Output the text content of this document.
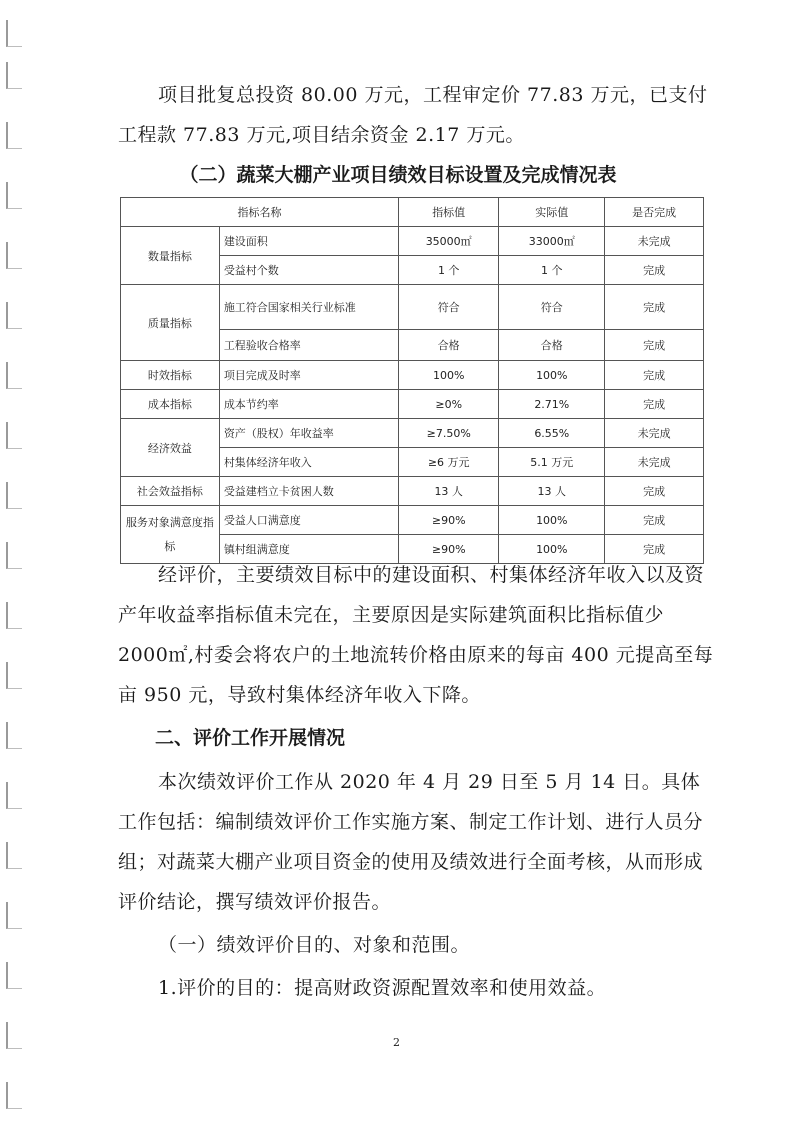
项目批复总投资 80.00 万元，工程审定价 77.83 万元，已支付工程款 77.83 万元,项目结余资金 2.17 万元。

（二）蔬菜大棚产业项目绩效目标设置及完成情况表
指标名称		指标值	实际值	是否完成
数量指标	建设面积	35000㎡	33000㎡	未完成
	受益村个数	1 个	1 个	完成
质量指标	施工符合国家相关行业标准	符合	符合	完成
	工程验收合格率	合格	合格	完成
时效指标	项目完成及时率	100%	100%	完成
成本指标	成本节约率	≥0%	2.71%	完成
经济效益	资产（股权）年收益率	≥7.50%	6.55%	未完成
	村集体经济年收入	≥6 万元	5.1 万元	未完成
社会效益指标	受益建档立卡贫困人数	13 人	13 人	完成
服务对象满意度指标	受益人口满意度	≥90%	100%	完成
	镇村组满意度	≥90%	100%	完成

经评价，主要绩效目标中的建设面积、村集体经济年收入以及资产年收益率指标值未完在，主要原因是实际建筑面积比指标值少 2000㎡,村委会将农户的土地流转价格由原来的每亩 400 元提高至每亩 950 元，导致村集体经济年收入下降。

二、评价工作开展情况

本次绩效评价工作从 2020 年 4 月 29 日至 5 月 14 日。具体工作包括：编制绩效评价工作实施方案、制定工作计划、进行人员分组；对蔬菜大棚产业项目资金的使用及绩效进行全面考核，从而形成评价结论，撰写绩效评价报告。

（一）绩效评价目的、对象和范围。

1.评价的目的：提高财政资源配置效率和使用效益。

2
